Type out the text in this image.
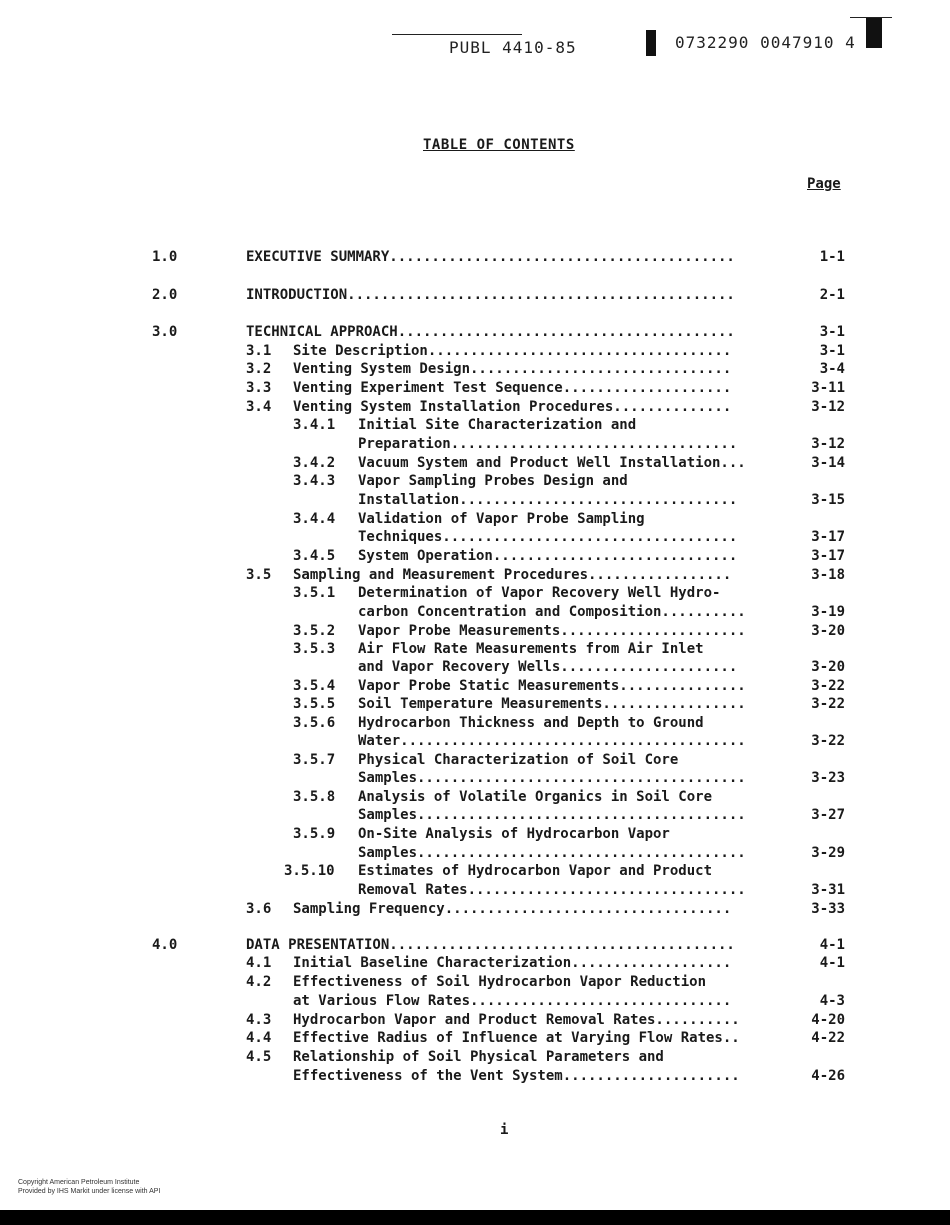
PUBL 4410-85	0732290 0047910 4
TABLE OF CONTENTS
Page
1.0	EXECUTIVE SUMMARY.........................................	1-1
2.0	INTRODUCTION..............................................	2-1
3.0	TECHNICAL APPROACH........................................	3-1
3.1 Site Description....................................	3-1
3.2 Venting System Design...............................	3-4
3.3 Venting Experiment Test Sequence....................	3-11
3.4 Venting System Installation Procedures..............	3-12
3.4.1 Initial Site Characterization and
Preparation..................................	3-12
3.4.2 Vacuum System and Product Well Installation...	3-14
3.4.3 Vapor Sampling Probes Design and
Installation.................................	3-15
3.4.4 Validation of Vapor Probe Sampling
Techniques...................................	3-17
3.4.5 System Operation.............................	3-17
3.5 Sampling and Measurement Procedures.................	3-18
3.5.1 Determination of Vapor Recovery Well Hydro-
carbon Concentration and Composition..........	3-19
3.5.2 Vapor Probe Measurements......................	3-20
3.5.3 Air Flow Rate Measurements from Air Inlet
and Vapor Recovery Wells.....................	3-20
3.5.4 Vapor Probe Static Measurements...............	3-22
3.5.5 Soil Temperature Measurements.................	3-22
3.5.6 Hydrocarbon Thickness and Depth to Ground
Water.........................................	3-22
3.5.7 Physical Characterization of Soil Core
Samples.......................................	3-23
3.5.8 Analysis of Volatile Organics in Soil Core
Samples.......................................	3-27
3.5.9 On-Site Analysis of Hydrocarbon Vapor
Samples.......................................	3-29
3.5.10 Estimates of Hydrocarbon Vapor and Product
Removal Rates.................................	3-31
3.6 Sampling Frequency..................................	3-33
4.0	DATA PRESENTATION.........................................	4-1
4.1 Initial Baseline Characterization...................	4-1
4.2 Effectiveness of Soil Hydrocarbon Vapor Reduction
at Various Flow Rates...............................	4-3
4.3 Hydrocarbon Vapor and Product Removal Rates..........	4-20
4.4 Effective Radius of Influence at Varying Flow Rates..	4-22
4.5 Relationship of Soil Physical Parameters and
Effectiveness of the Vent System.....................	4-26
i
Copyright American Petroleum Institute
Provided by IHS Markit under license with API
